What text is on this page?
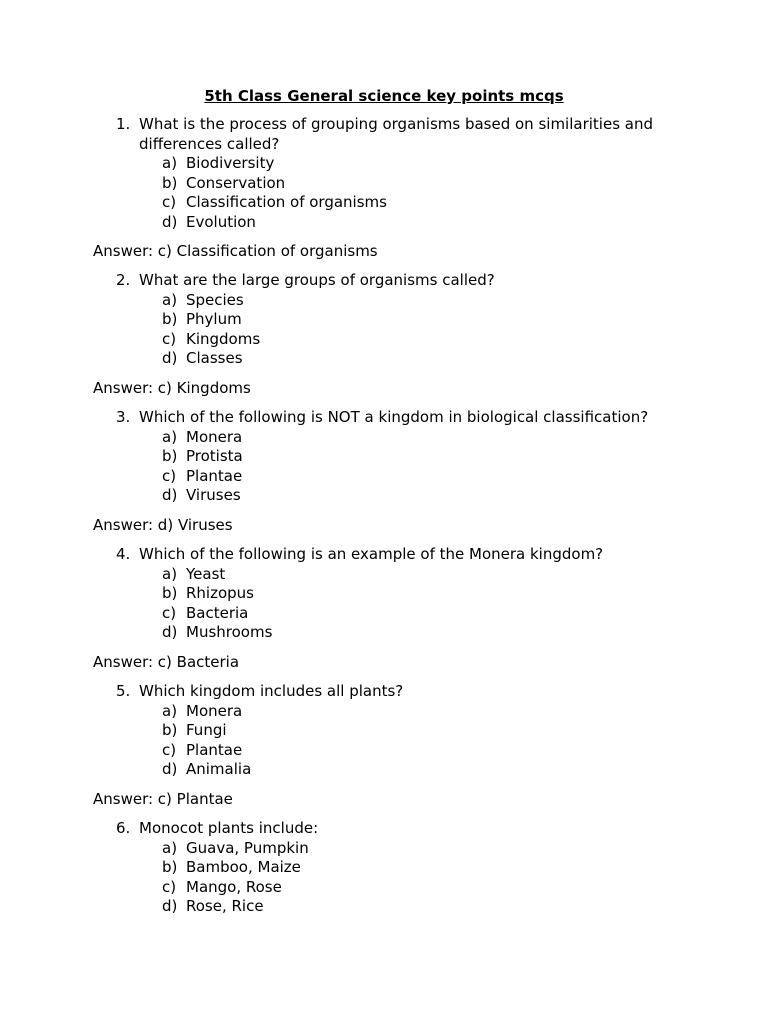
5th Class General science key points mcqs
1. What is the process of grouping organisms based on similarities and differences called?
a) Biodiversity
b) Conservation
c) Classification of organisms
d) Evolution
Answer: c) Classification of organisms
2. What are the large groups of organisms called?
a) Species
b) Phylum
c) Kingdoms
d) Classes
Answer: c) Kingdoms
3. Which of the following is NOT a kingdom in biological classification?
a) Monera
b) Protista
c) Plantae
d) Viruses
Answer: d) Viruses
4. Which of the following is an example of the Monera kingdom?
a) Yeast
b) Rhizopus
c) Bacteria
d) Mushrooms
Answer: c) Bacteria
5. Which kingdom includes all plants?
a) Monera
b) Fungi
c) Plantae
d) Animalia
Answer: c) Plantae
6. Monocot plants include:
a) Guava, Pumpkin
b) Bamboo, Maize
c) Mango, Rose
d) Rose, Rice
